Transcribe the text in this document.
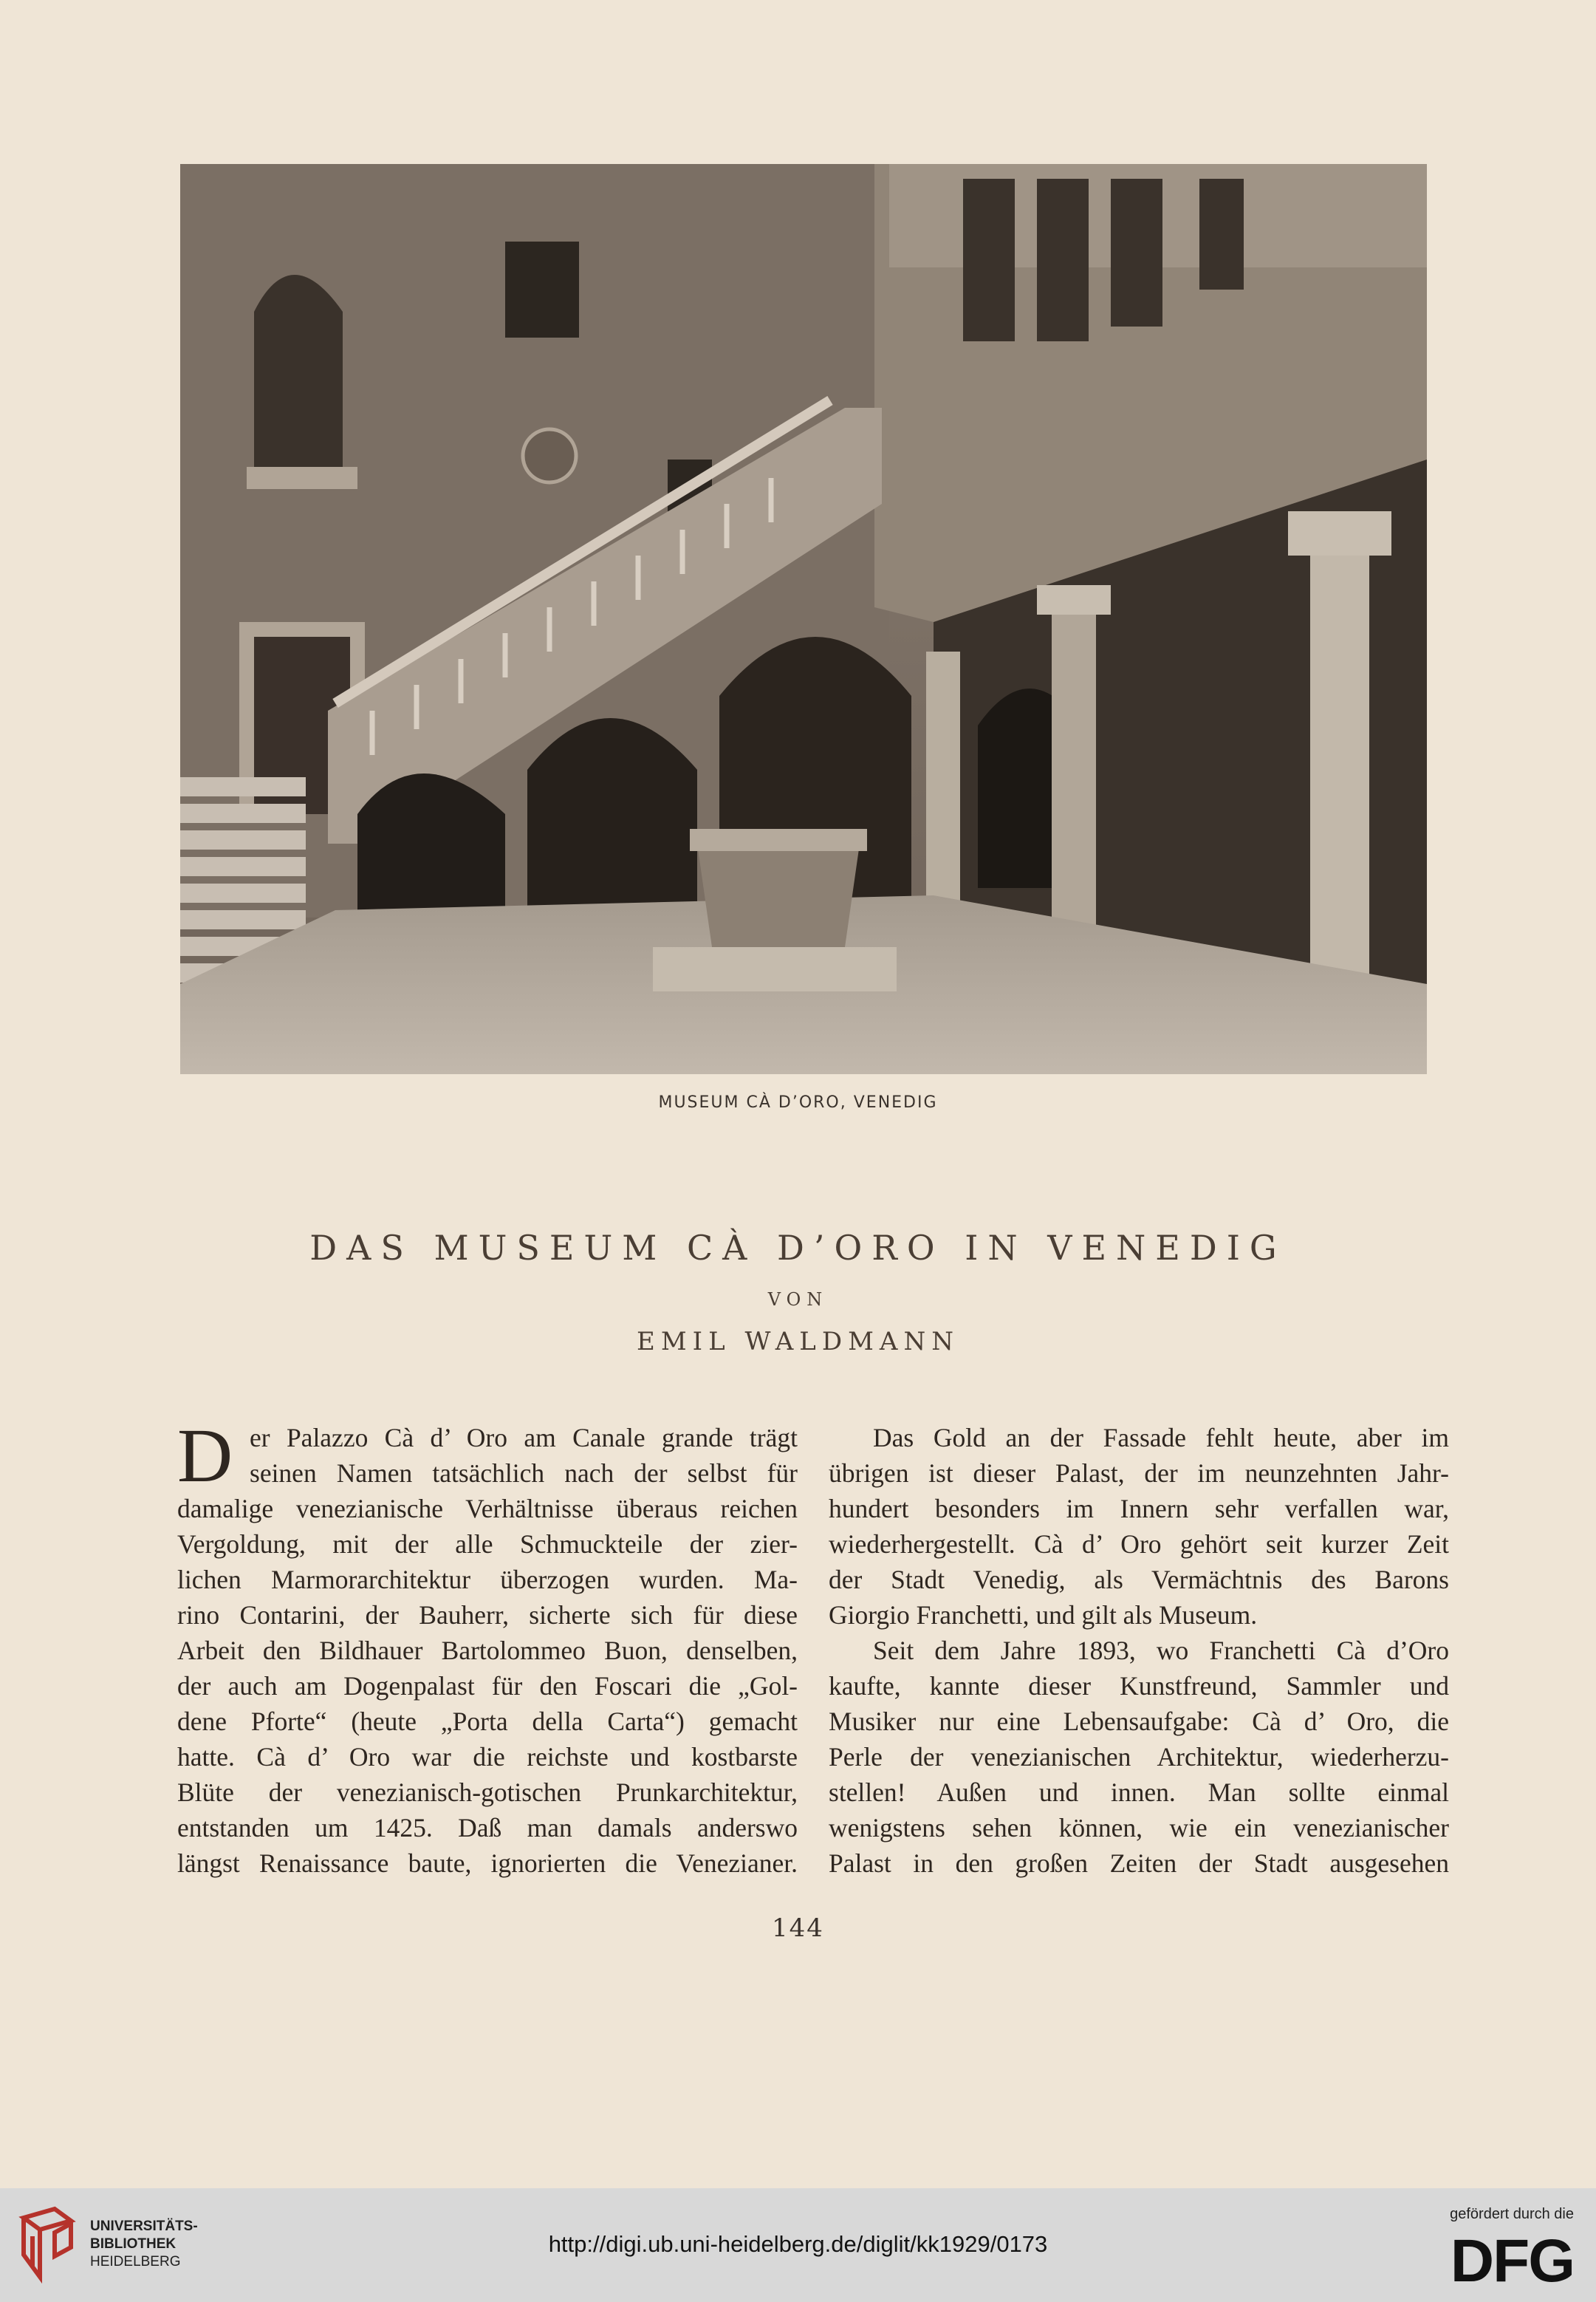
MUSEUM CÀ D’ORO, VENEDIG
DAS MUSEUM CÀ D’ORO IN VENEDIG
VON
EMIL WALDMANN
D er Palazzo Cà d’ Oro am Canale grande trägt
seinen Namen tatsächlich nach der selbst für
damalige venezianische Verhältnisse überaus reichen
Vergoldung, mit der alle Schmuckteile der zier-
lichen Marmorarchitektur überzogen wurden. Ma-
rino Contarini, der Bauherr, sicherte sich für diese
Arbeit den Bildhauer Bartolommeo Buon, denselben,
der auch am Dogenpalast für den Foscari die „Gol-
dene Pforte“ (heute „Porta della Carta“) gemacht
hatte. Cà d’ Oro war die reichste und kostbarste
Blüte der venezianisch-gotischen Prunkarchitektur,
entstanden um 1425. Daß man damals anderswo
längst Renaissance baute, ignorierten die Venezianer.
Das Gold an der Fassade fehlt heute, aber im
übrigen ist dieser Palast, der im neunzehnten Jahr-
hundert besonders im Innern sehr verfallen war,
wiederhergestellt. Cà d’ Oro gehört seit kurzer Zeit
der Stadt Venedig, als Vermächtnis des Barons
Giorgio Franchetti, und gilt als Museum.
Seit dem Jahre 1893, wo Franchetti Cà d’Oro
kaufte, kannte dieser Kunstfreund, Sammler und
Musiker nur eine Lebensaufgabe: Cà d’ Oro, die
Perle der venezianischen Architektur, wiederherzu-
stellen! Außen und innen. Man sollte einmal
wenigstens sehen können, wie ein venezianischer
Palast in den großen Zeiten der Stadt ausgesehen
144
UNIVERSITÄTS-
BIBLIOTHEK
HEIDELBERG
http://digi.ub.uni-heidelberg.de/diglit/kk1929/0173
gefördert durch die
DFG
